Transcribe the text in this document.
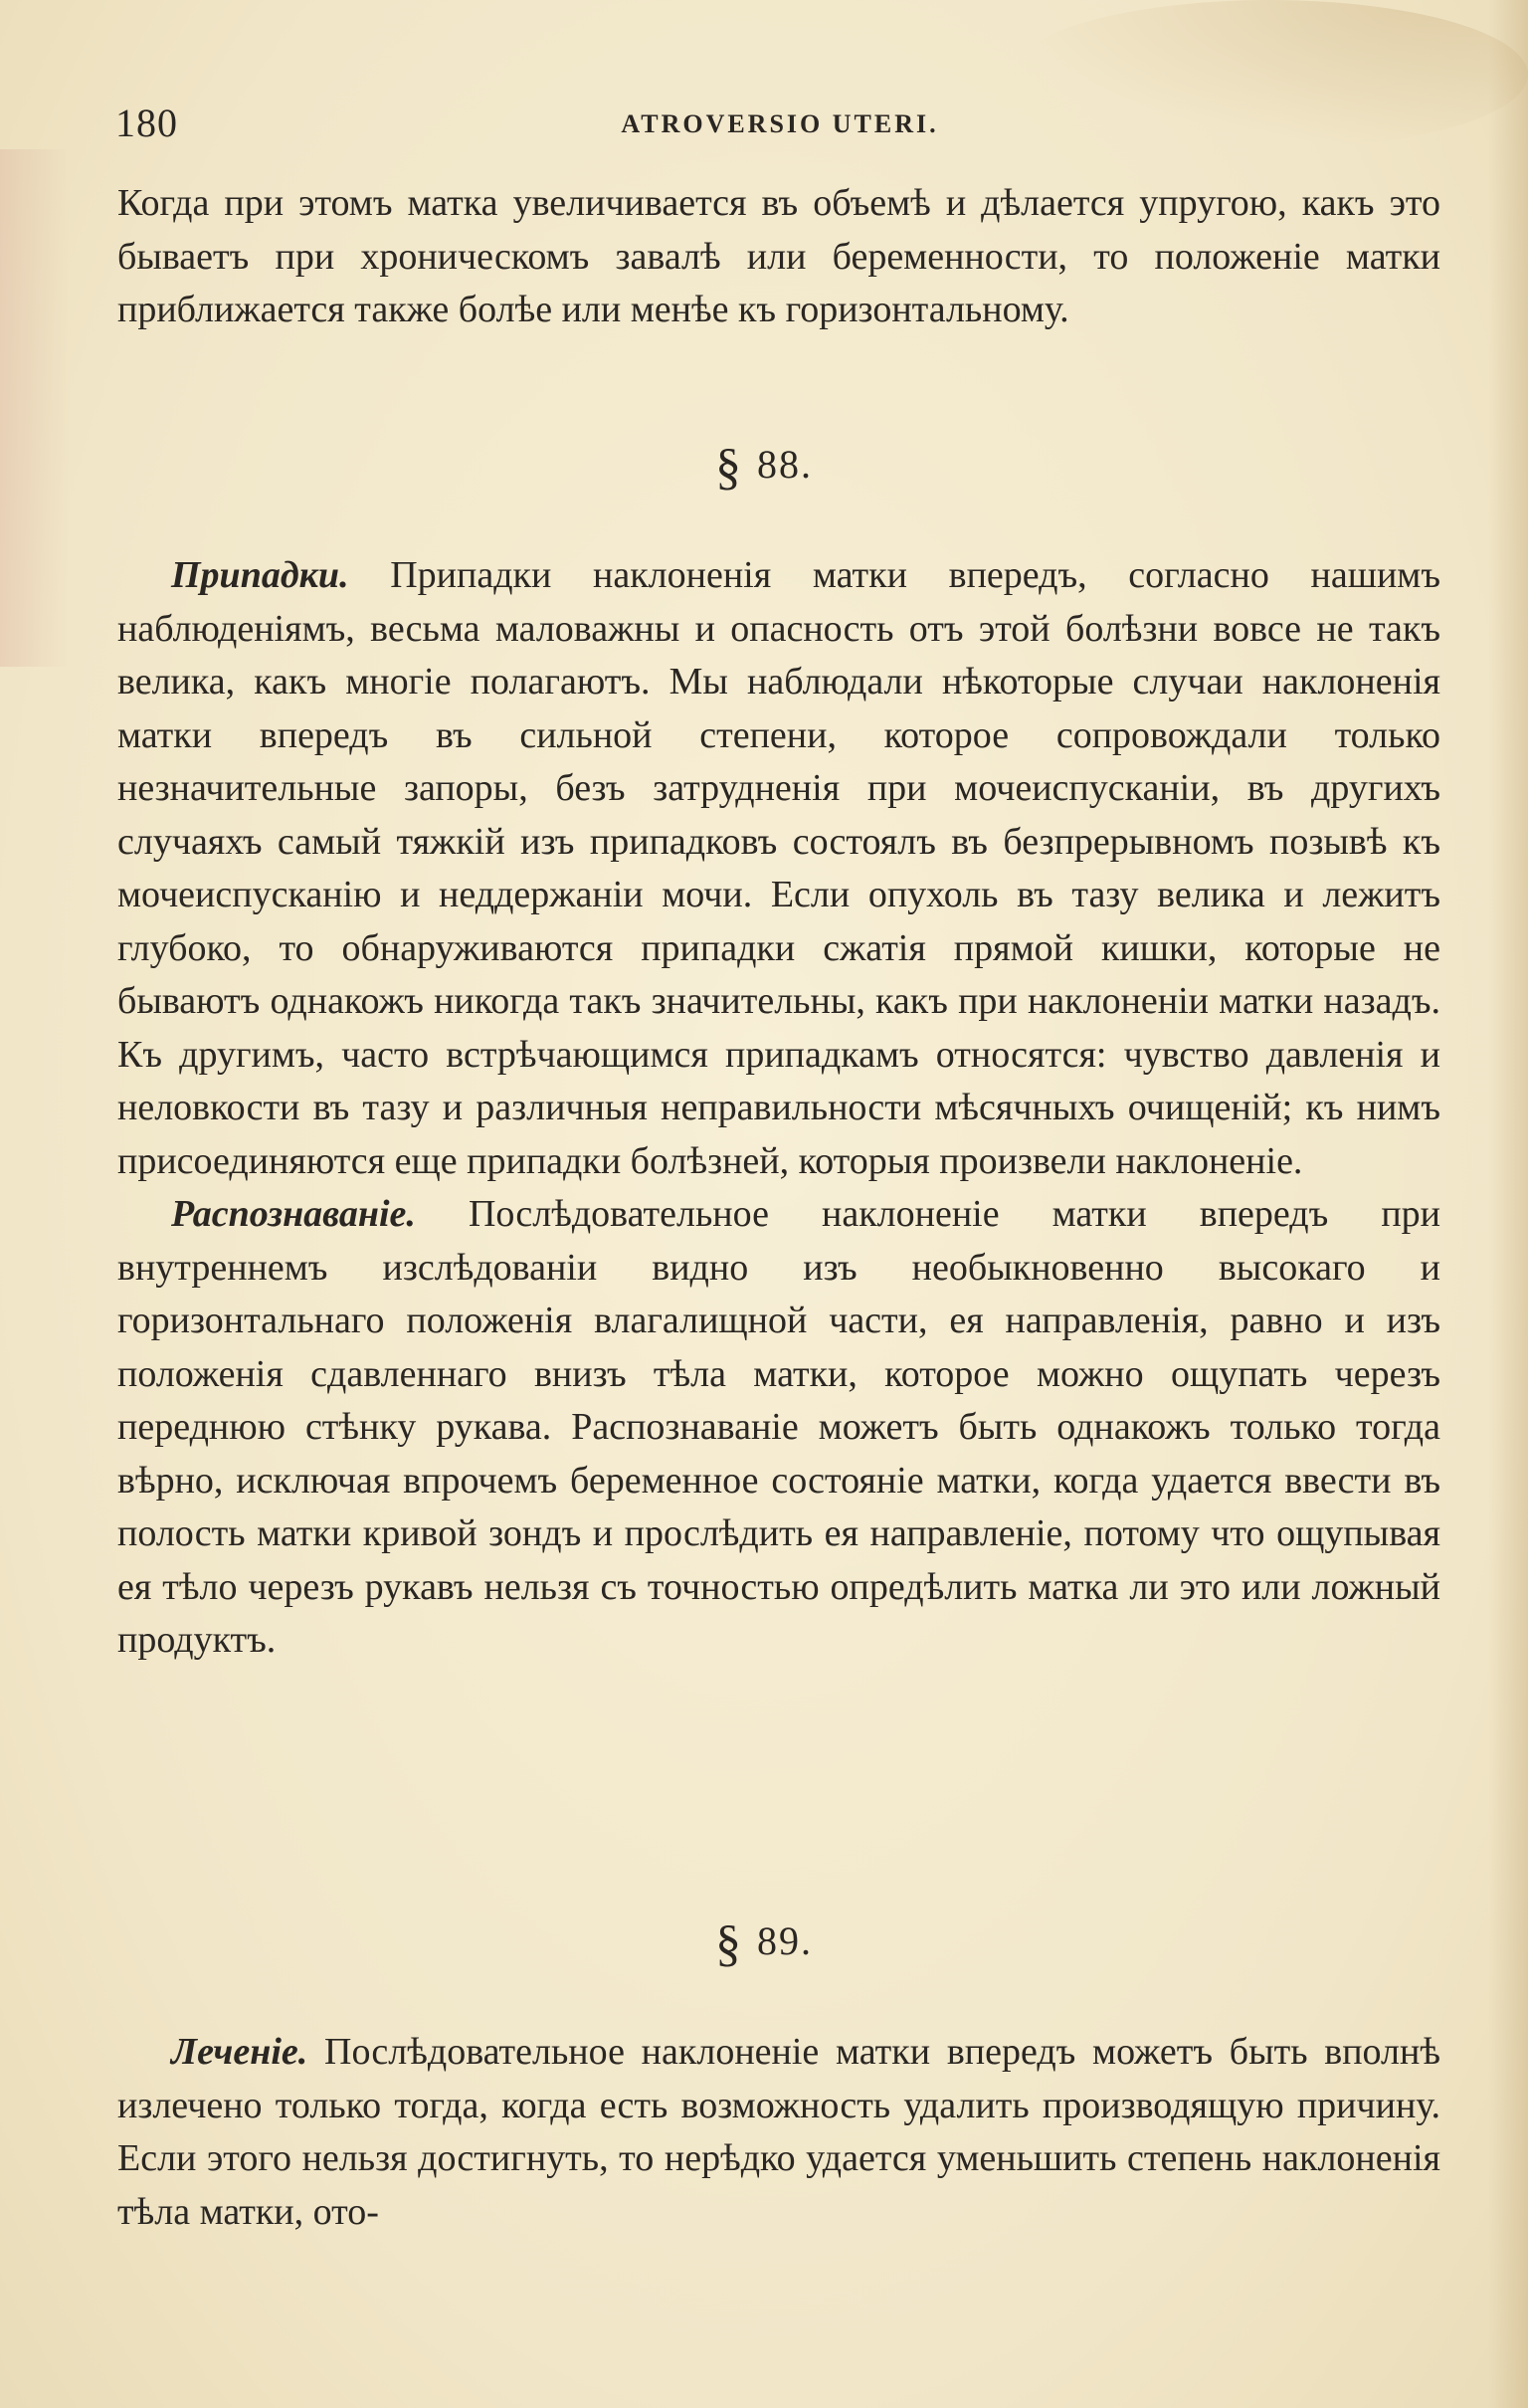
180	ATROVERSIO UTERI.

Когда при этомъ матка увеличивается въ объемѣ и дѣлается упругою, какъ это бываетъ при хроническомъ завалѣ или беременности, то положеніе матки приближается также болѣе или менѣе къ горизонтальному.

§ 88.

Припадки. Припадки наклоненія матки впередъ, согласно нашимъ наблюденіямъ, весьма маловажны и опасность отъ этой болѣзни вовсе не такъ велика, какъ многіе полагаютъ. Мы наблюдали нѣкоторые случаи наклоненія матки впередъ въ сильной степени, которое сопровождали только незначительные запоры, безъ затрудненія при мочеиспусканіи, въ другихъ случаяхъ самый тяжкій изъ припадковъ состоялъ въ безпрерывномъ позывѣ къ мочеиспусканію и неддержаніи мочи. Если опухоль въ тазу велика и лежитъ глубоко, то обнаруживаются припадки сжатія прямой кишки, которые не бываютъ однакожъ никогда такъ значительны, какъ при наклоненіи матки назадъ. Къ другимъ, часто встрѣчающимся припадкамъ относятся: чувство давленія и неловкости въ тазу и различныя неправильности мѣсячныхъ очищеній; къ нимъ присоединяются еще припадки болѣзней, которыя произвели наклоненіе.

Распознаваніе. Послѣдовательное наклоненіе матки впередъ при внутреннемъ изслѣдованіи видно изъ необыкновенно высокаго и горизонтальнаго положенія влагалищной части, ея направленія, равно и изъ положенія сдавленнаго внизъ тѣла матки, которое можно ощупать черезъ переднюю стѣнку рукава. Распознаваніе можетъ быть однакожъ только тогда вѣрно, исключая впрочемъ беременное состояніе матки, когда удается ввести въ полость матки кривой зондъ и прослѣдить ея направленіе, потому что ощупывая ея тѣло черезъ рукавъ нельзя съ точностью опредѣлить матка ли это или ложный продуктъ.

§ 89.

Леченіе. Послѣдовательное наклоненіе матки впередъ можетъ быть вполнѣ излечено только тогда, когда есть возможность удалить производящую причину. Если этого нельзя достигнуть, то нерѣдко удается уменьшить степень наклоненія тѣла матки, ото-
